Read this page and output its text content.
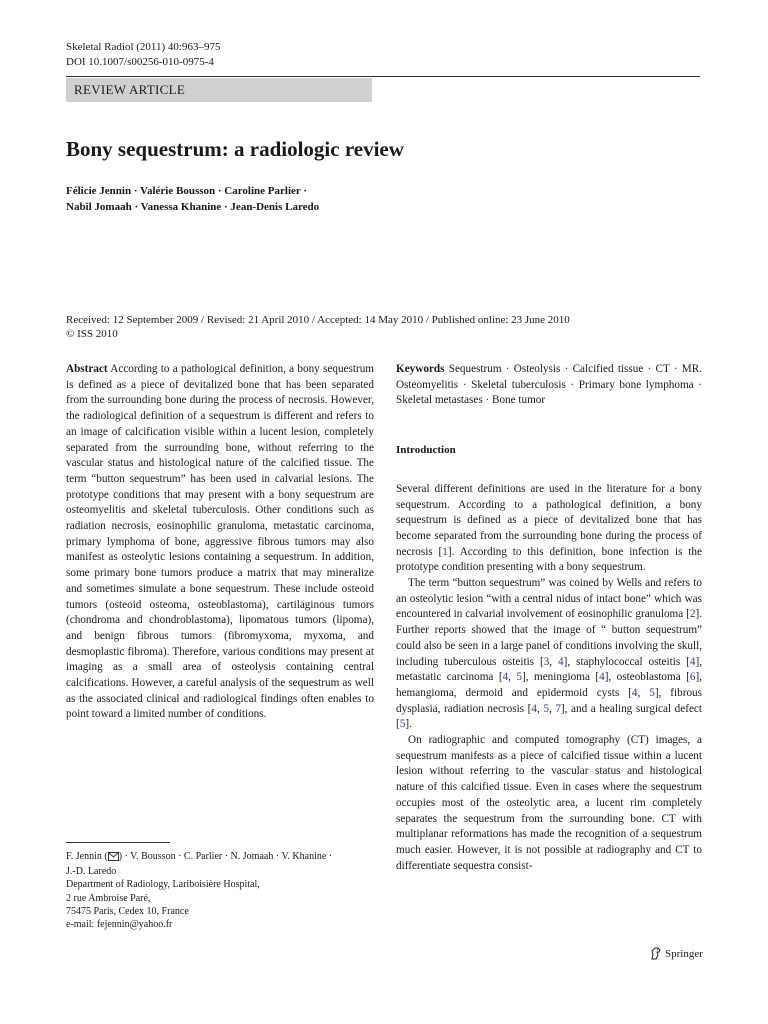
Skeletal Radiol (2011) 40:963–975
DOI 10.1007/s00256-010-0975-4
REVIEW ARTICLE
Bony sequestrum: a radiologic review
Félicie Jennin · Valérie Bousson · Caroline Parlier ·
Nabil Jomaah · Vanessa Khanine · Jean-Denis Laredo
Received: 12 September 2009 / Revised: 21 April 2010 / Accepted: 14 May 2010 / Published online: 23 June 2010
© ISS 2010

Abstract According to a pathological definition, a bony sequestrum is defined as a piece of devitalized bone that has been separated from the surrounding bone during the process of necrosis. However, the radiological definition of a sequestrum is different and refers to an image of calcification visible within a lucent lesion, completely separated from the surrounding bone, without referring to the vascular status and histological nature of the calcified tissue. The term “button sequestrum” has been used in calvarial lesions. The prototype conditions that may present with a bony sequestrum are osteomyelitis and skeletal tuberculosis. Other conditions such as radiation necrosis, eosinophilic granuloma, metastatic carcinoma, primary lymphoma of bone, aggressive fibrous tumors may also manifest as osteolytic lesions containing a sequestrum. In addition, some primary bone tumors produce a matrix that may mineralize and sometimes simulate a bone sequestrum. These include osteoid tumors (osteoid osteoma, osteoblastoma), cartilaginous tumors (chondroma and chondroblastoma), lipomatous tumors (lipoma), and benign fibrous tumors (fibromyxoma, myxoma, and desmoplastic fibroma). Therefore, various conditions may present at imaging as a small area of osteolysis containing central calcifications. However, a careful analysis of the sequestrum as well as the associated clinical and radiological findings often enables to point toward a limited number of conditions.

Keywords Sequestrum · Osteolysis · Calcified tissue · CT · MR. Osteomyelitis · Skeletal tuberculosis · Primary bone lymphoma · Skeletal metastases · Bone tumor

Introduction

Several different definitions are used in the literature for a bony sequestrum. According to a pathological definition, a bony sequestrum is defined as a piece of devitalized bone that has become separated from the surrounding bone during the process of necrosis [1]. According to this definition, bone infection is the prototype condition presenting with a bony sequestrum.

The term “button sequestrum” was coined by Wells and refers to an osteolytic lesion “with a central nidus of intact bone” which was encountered in calvarial involvement of eosinophilic granuloma [2]. Further reports showed that the image of “ button sequestrum” could also be seen in a large panel of conditions involving the skull, including tuberculous osteitis [3, 4], staphylococcal osteitis [4], metastatic carcinoma [4, 5], meningioma [4], osteoblastoma [6], hemangioma, dermoid and epidermoid cysts [4, 5], fibrous dysplasia, radiation necrosis [4, 5, 7], and a healing surgical defect [5].

On radiographic and computed tomography (CT) images, a sequestrum manifests as a piece of calcified tissue within a lucent lesion without referring to the vascular status and histological nature of this calcified tissue. Even in cases where the sequestrum occupies most of the osteolytic area, a lucent rim completely separates the sequestrum from the surrounding bone. CT with multiplanar reformations has made the recognition of a sequestrum much easier. However, it is not possible at radiography and CT to differentiate sequestra consist-

F. Jennin ( ) · V. Bousson · C. Parlier · N. Jomaah · V. Khanine ·
J.-D. Laredo
Department of Radiology, Lariboisière Hospital,
2 rue Ambroise Paré,
75475 Paris, Cedex 10, France
e-mail: fejennin@yahoo.fr
Springer
